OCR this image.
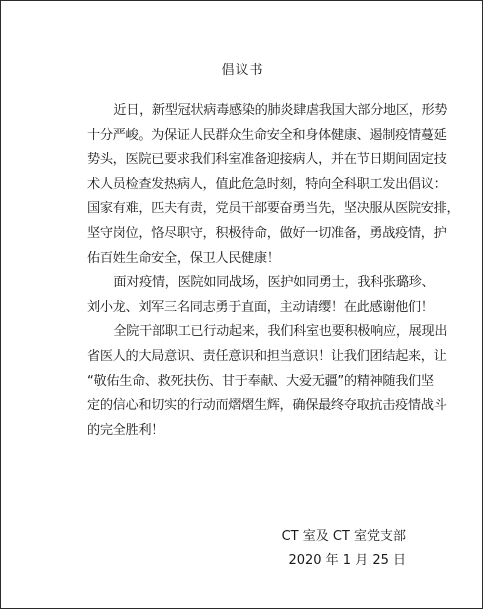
倡议书

近日，新型冠状病毒感染的肺炎肆虐我国大部分地区，形势
十分严峻。为保证人民群众生命安全和身体健康、遏制疫情蔓延
势头，医院已要求我们科室准备迎接病人，并在节日期间固定技
术人员检查发热病人，值此危急时刻，特向全科职工发出倡议：
国家有难，匹夫有责，党员干部要奋勇当先，坚决服从医院安排，
坚守岗位，恪尽职守，积极待命，做好一切准备，勇战疫情，护
佑百姓生命安全，保卫人民健康！

面对疫情，医院如同战场，医护如同勇士，我科张璐珍、
刘小龙、刘军三名同志勇于直面，主动请缨！在此感谢他们！

全院干部职工已行动起来，我们科室也要积极响应，展现出
省医人的大局意识、责任意识和担当意识！让我们团结起来，让
“敬佑生命、救死扶伤、甘于奉献、大爱无疆”的精神随我们坚
定的信心和切实的行动而熠熠生辉，确保最终夺取抗击疫情战斗
的完全胜利！

CT 室及 CT 室党支部
2020 年 1 月 25 日
